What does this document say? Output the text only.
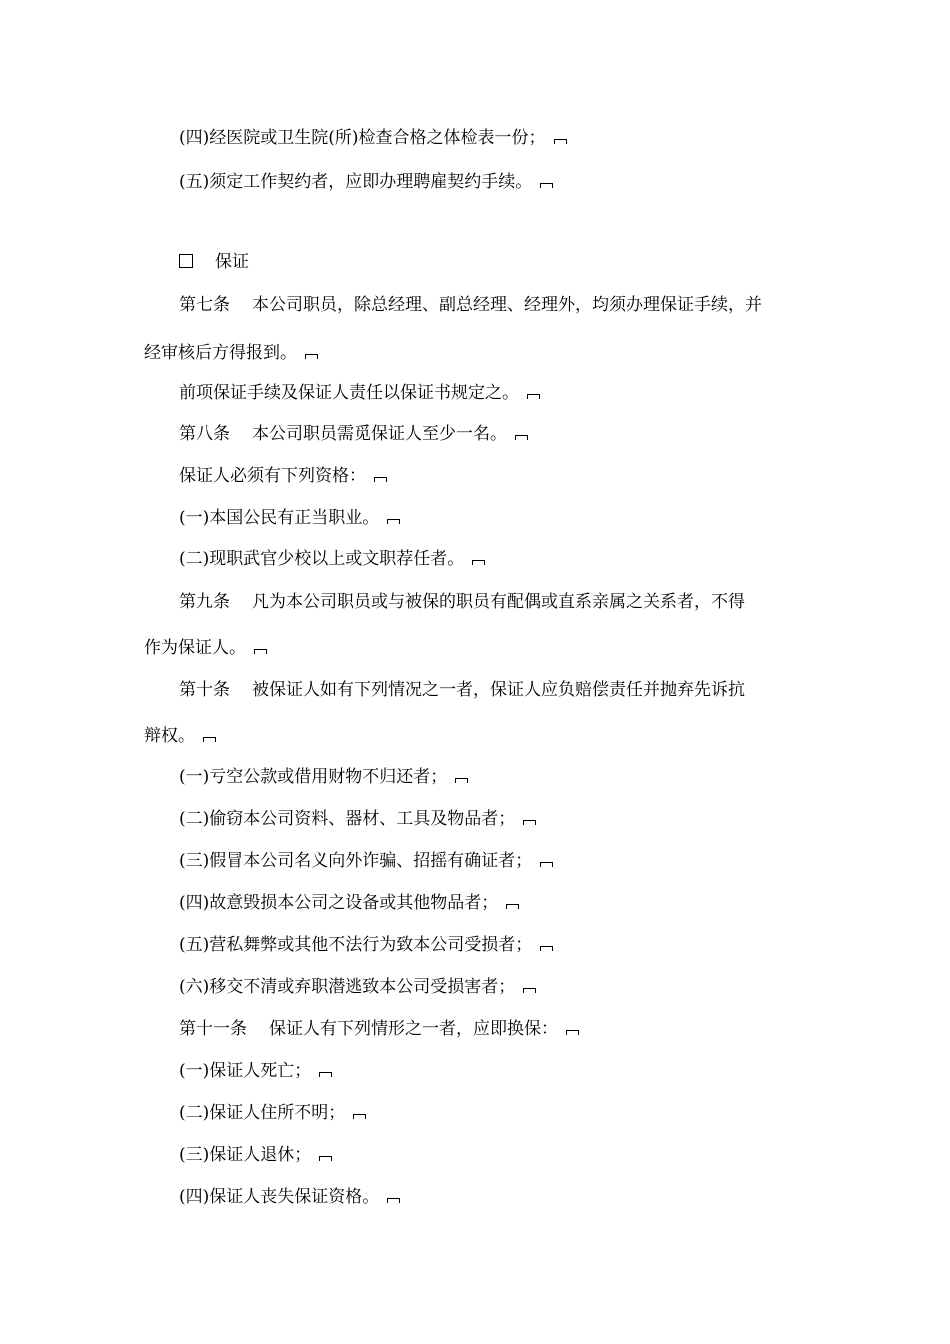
(四)经医院或卫生院(所)检查合格之体检表一份；
(五)须定工作契约者，应即办理聘雇契约手续。
保证
第七条 本公司职员，除总经理、副总经理、经理外，均须办理保证手续，并
经审核后方得报到。
前项保证手续及保证人责任以保证书规定之。
第八条 本公司职员需觅保证人至少一名。
保证人必须有下列资格：
(一)本国公民有正当职业。
(二)现职武官少校以上或文职荐任者。
第九条 凡为本公司职员或与被保的职员有配偶或直系亲属之关系者，不得
作为保证人。
第十条 被保证人如有下列情况之一者，保证人应负赔偿责任并抛弃先诉抗
辩权。
(一)亏空公款或借用财物不归还者；
(二)偷窃本公司资料、器材、工具及物品者；
(三)假冒本公司名义向外诈骗、招摇有确证者；
(四)故意毁损本公司之设备或其他物品者；
(五)营私舞弊或其他不法行为致本公司受损者；
(六)移交不清或弃职潜逃致本公司受损害者；
第十一条 保证人有下列情形之一者，应即换保：
(一)保证人死亡；
(二)保证人住所不明；
(三)保证人退休；
(四)保证人丧失保证资格。
